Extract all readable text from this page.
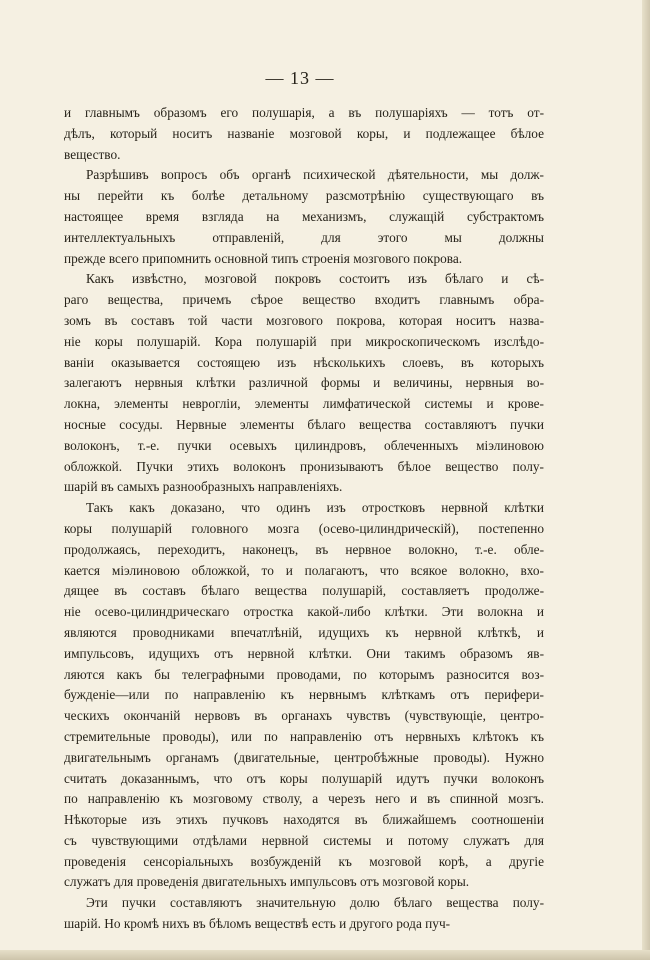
— 13 —
и главнымъ образомъ его полушарія, а въ полушаріяхъ — тотъ от-
дѣлъ, который носитъ названіе мозговой коры, и подлежащее бѣлое
вещество.
Разрѣшивъ вопросъ объ органѣ психической дѣятельности, мы долж-
ны перейти къ болѣе детальному разсмотрѣнію существующаго въ
настоящее время взгляда на механизмъ, служащій субстрактомъ
интеллектуальныхъ отправленій, для этого мы должны
прежде всего припомнить основной типъ строенія мозгового покрова.
Какъ извѣстно, мозговой покровъ состоитъ изъ бѣлаго и сѣ-
раго вещества, причемъ сѣрое вещество входитъ главнымъ обра-
зомъ въ составъ той части мозгового покрова, которая носитъ назва-
ніе коры полушарій. Кора полушарій при микроскопическомъ изслѣдо-
ваніи оказывается состоящею изъ нѣсколькихъ слоевъ, въ которыхъ
залегаютъ нервныя клѣтки различной формы и величины, нервныя во-
локна, элементы невроглiи, элементы лимфатической системы и крове-
носные сосуды. Нервные элементы бѣлаго вещества составляютъ пучки
волоконъ, т.-е. пучки осевыхъ цилиндровъ, облеченныхъ міэлиновою
обложкой. Пучки этихъ волоконъ пронизываютъ бѣлое вещество полу-
шарій въ самыхъ разнообразныхъ направленіяхъ.
Такъ какъ доказано, что одинъ изъ отростковъ нервной клѣтки
коры полушарій головного мозга (осево-цилиндрическій), постепенно
продолжаясь, переходитъ, наконецъ, въ нервное волокно, т.-е. обле-
кается міэлиновою обложкой, то и полагаютъ, что всякое волокно, вхо-
дящее въ составъ бѣлаго вещества полушарій, составляетъ продолже-
ніе осево-цилиндрическаго отростка какой-либо клѣтки. Эти волокна и
являются проводниками впечатлѣній, идущихъ къ нервной клѣткѣ, и
импульсовъ, идущихъ отъ нервной клѣтки. Они такимъ образомъ яв-
ляются какъ бы телеграфными проводами, по которымъ разносится воз-
бужденіе—или по направленію къ нервнымъ клѣткамъ отъ перифери-
ческихъ окончаній нервовъ въ органахъ чувствъ (чувствующіе, центро-
стремительные проводы), или по направленію отъ нервныхъ клѣтокъ къ
двигательнымъ органамъ (двигательные, центробѣжные проводы). Нужно
считать доказаннымъ, что отъ коры полушарій идутъ пучки волоконъ
по направленію къ мозговому стволу, а черезъ него и въ спинной мозгъ.
Нѣкоторые изъ этихъ пучковъ находятся въ ближайшемъ соотношеніи
съ чувствующими отдѣлами нервной системы и потому служатъ для
проведенія сенсоріальныхъ возбужденій къ мозговой корѣ, а другіе
служатъ для проведенія двигательныхъ импульсовъ отъ мозговой коры.
Эти пучки составляютъ значительную долю бѣлаго вещества полу-
шарій. Но кромѣ нихъ въ бѣломъ веществѣ есть и другого рода пуч-
